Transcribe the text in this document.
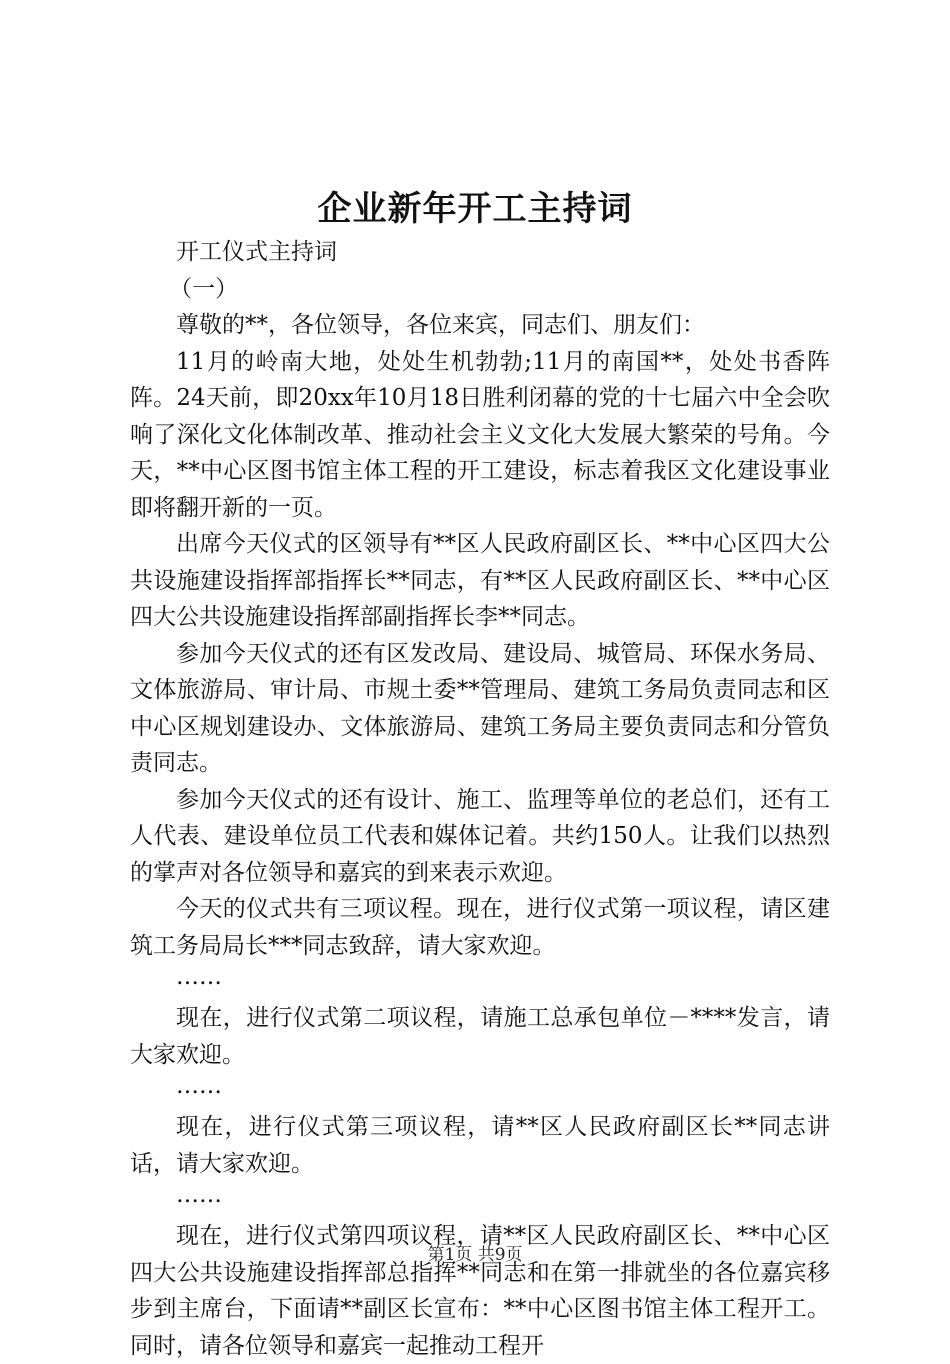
企业新年开工主持词

开工仪式主持词

（一）

尊敬的**，各位领导，各位来宾，同志们、朋友们：

11月的岭南大地，处处生机勃勃;11月的南国**，处处书香阵阵。24天前，即20xx年10月18日胜利闭幕的党的十七届六中全会吹响了深化文化体制改革、推动社会主义文化大发展大繁荣的号角。今天，**中心区图书馆主体工程的开工建设，标志着我区文化建设事业即将翻开新的一页。

出席今天仪式的区领导有**区人民政府副区长、**中心区四大公共设施建设指挥部指挥长**同志，有**区人民政府副区长、**中心区四大公共设施建设指挥部副指挥长李**同志。

参加今天仪式的还有区发改局、建设局、城管局、环保水务局、文体旅游局、审计局、市规土委**管理局、建筑工务局负责同志和区中心区规划建设办、文体旅游局、建筑工务局主要负责同志和分管负责同志。

参加今天仪式的还有设计、施工、监理等单位的老总们，还有工人代表、建设单位员工代表和媒体记着。共约150人。让我们以热烈的掌声对各位领导和嘉宾的到来表示欢迎。

今天的仪式共有三项议程。现在，进行仪式第一项议程，请区建筑工务局局长***同志致辞，请大家欢迎。

……

现在，进行仪式第二项议程，请施工总承包单位－****发言，请大家欢迎。

……

现在，进行仪式第三项议程，请**区人民政府副区长**同志讲话，请大家欢迎。

……

现在，进行仪式第四项议程，请**区人民政府副区长、**中心区四大公共设施建设指挥部总指挥**同志和在第一排就坐的各位嘉宾移步到主席台，下面请**副区长宣布：**中心区图书馆主体工程开工。同时，请各位领导和嘉宾一起推动工程开

第1页 共9页
